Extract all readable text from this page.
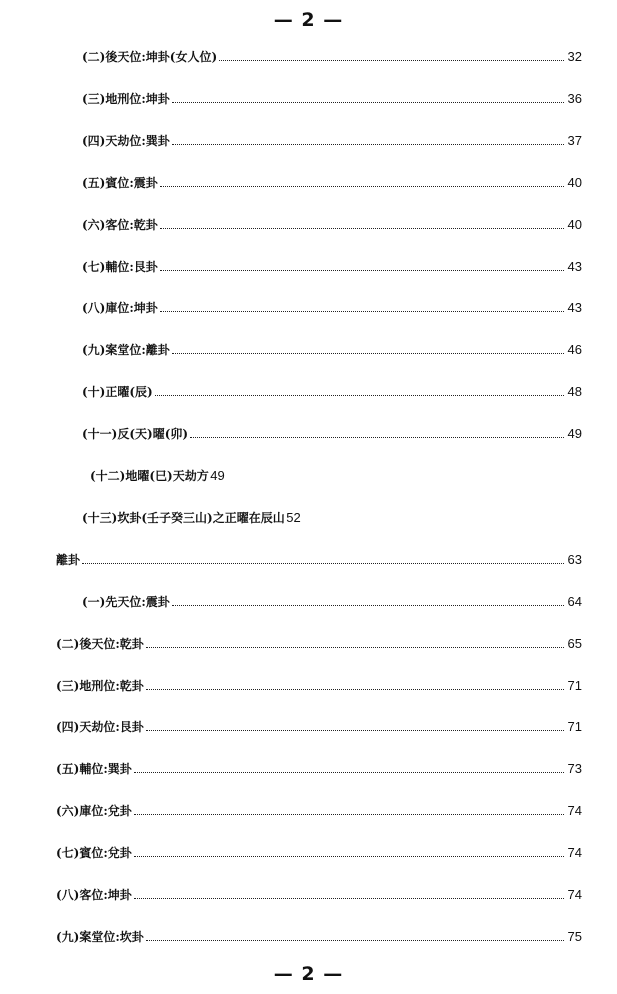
— 2 —
(二)後天位:坤卦(女人位)	32
(三)地刑位:坤卦	36
(四)天劫位:巽卦	37
(五)賓位:震卦	40
(六)客位:乾卦	40
(七)輔位:艮卦	43
(八)庫位:坤卦	43
(九)案堂位:離卦	46
(十)正曜(辰)	48
(十一)反(天)曜(卯)	49
(十二)地曜(巳)天劫方 49
(十三)坎卦(壬子癸三山)之正曜在辰山 52
離卦	63
(一)先天位:震卦	64
(二)後天位:乾卦	65
(三)地刑位:乾卦	71
(四)天劫位:艮卦	71
(五)輔位:巽卦	73
(六)庫位:兌卦	74
(七)賓位:兌卦	74
(八)客位:坤卦	74
(九)案堂位:坎卦	75
— 2 —
